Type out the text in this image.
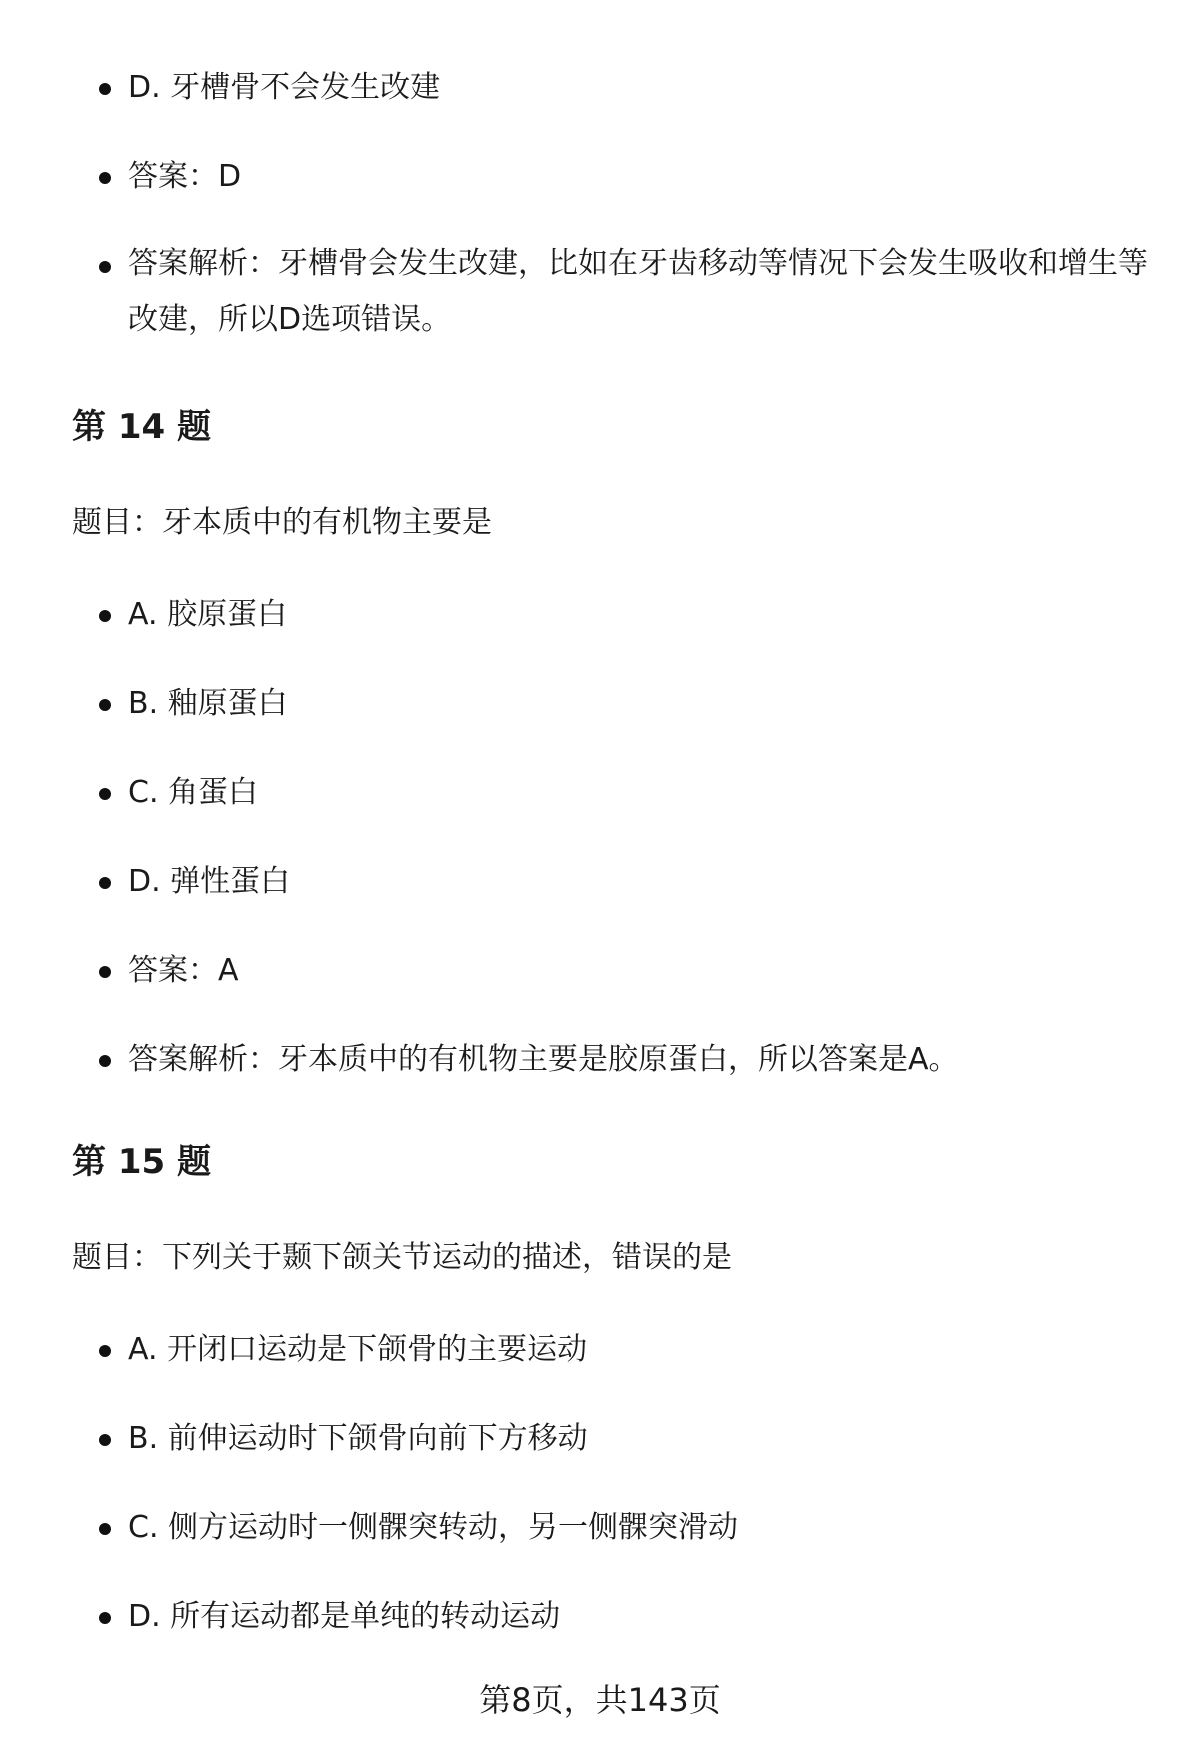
D. 牙槽骨不会发生改建
答案：D
答案解析：牙槽骨会发生改建，比如在牙齿移动等情况下会发生吸收和增生等改建，所以D选项错误。
第 14 题

题目：牙本质中的有机物主要是

A. 胶原蛋白
B. 釉原蛋白
C. 角蛋白
D. 弹性蛋白
答案：A
答案解析：牙本质中的有机物主要是胶原蛋白，所以答案是A。
第 15 题

题目：下列关于颞下颌关节运动的描述，错误的是

A. 开闭口运动是下颌骨的主要运动
B. 前伸运动时下颌骨向前下方移动
C. 侧方运动时一侧髁突转动，另一侧髁突滑动
D. 所有运动都是单纯的转动运动
第8页，共143页
